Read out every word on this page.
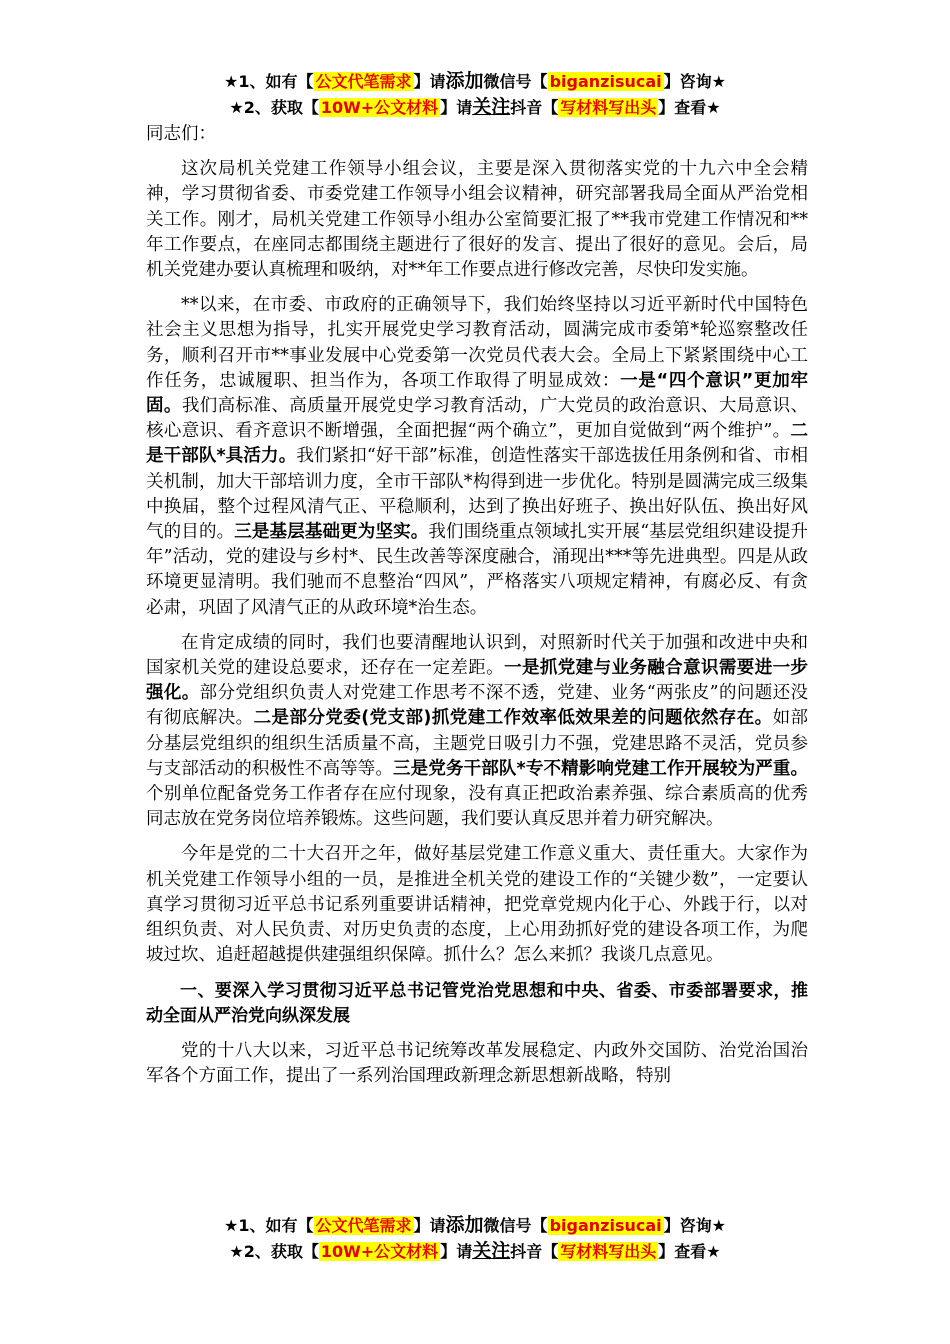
★1、如有【 公文代笔需求 】请添加微信号【 biganzisucai 】咨询★
★2、获取【 10W+公文材料 】请关注抖音【 写材料写出头 】查看★

同志们：

这次局机关党建工作领导小组会议，主要是深入贯彻落实党的十九六中全会精神，学习贯彻省委、市委党建工作领导小组会议精神，研究部署我局全面从严治党相关工作。刚才，局机关党建工作领导小组办公室简要汇报了**我市党建工作情况和**年工作要点，在座同志都围绕主题进行了很好的发言、提出了很好的意见。会后，局机关党建办要认真梳理和吸纳，对**年工作要点进行修改完善，尽快印发实施。

**以来，在市委、市政府的正确领导下，我们始终坚持以习近平新时代中国特色社会主义思想为指导，扎实开展党史学习教育活动，圆满完成市委第*轮巡察整改任务，顺利召开市**事业发展中心党委第一次党员代表大会。全局上下紧紧围绕中心工作任务，忠诚履职、担当作为，各项工作取得了明显成效：一是“四个意识”更加牢固。我们高标准、高质量开展党史学习教育活动，广大党员的政治意识、大局意识、核心意识、看齐意识不断增强，全面把握“两个确立”，更加自觉做到“两个维护”。二是干部队*具活力。我们紧扣“好干部”标准，创造性落实干部选拔任用条例和省、市相关机制，加大干部培训力度，全市干部队*构得到进一步优化。特别是圆满完成三级集中换届，整个过程风清气正、平稳顺利，达到了换出好班子、换出好队伍、换出好风气的目的。三是基层基础更为坚实。我们围绕重点领域扎实开展“基层党组织建设提升年”活动，党的建设与乡村*、民生改善等深度融合，涌现出***等先进典型。四是从政环境更显清明。我们驰而不息整治“四风”，严格落实八项规定精神，有腐必反、有贪必肃，巩固了风清气正的从政环境*治生态。

在肯定成绩的同时，我们也要清醒地认识到，对照新时代关于加强和改进中央和国家机关党的建设总要求，还存在一定差距。一是抓党建与业务融合意识需要进一步强化。部分党组织负责人对党建工作思考不深不透，党建、业务“两张皮”的问题还没有彻底解决。二是部分党委(党支部)抓党建工作效率低效果差的问题依然存在。如部分基层党组织的组织生活质量不高，主题党日吸引力不强，党建思路不灵活，党员参与支部活动的积极性不高等等。三是党务干部队*专不精影响党建工作开展较为严重。个别单位配备党务工作者存在应付现象，没有真正把政治素养强、综合素质高的优秀同志放在党务岗位培养锻炼。这些问题，我们要认真反思并着力研究解决。

今年是党的二十大召开之年，做好基层党建工作意义重大、责任重大。大家作为机关党建工作领导小组的一员，是推进全机关党的建设工作的“关键少数”，一定要认真学习贯彻习近平总书记系列重要讲话精神，把党章党规内化于心、外践于行，以对组织负责、对人民负责、对历史负责的态度，上心用劲抓好党的建设各项工作，为爬坡过坎、追赶超越提供建强组织保障。抓什么？怎么来抓？我谈几点意见。

一、要深入学习贯彻习近平总书记管党治党思想和中央、省委、市委部署要求，推动全面从严治党向纵深发展

党的十八大以来，习近平总书记统筹改革发展稳定、内政外交国防、治党治国治军各个方面工作，提出了一系列治国理政新理念新思想新战略，特别

★1、如有【 公文代笔需求 】请添加微信号【 biganzisucai 】咨询★
★2、获取【 10W+公文材料 】请关注抖音【 写材料写出头 】查看★
